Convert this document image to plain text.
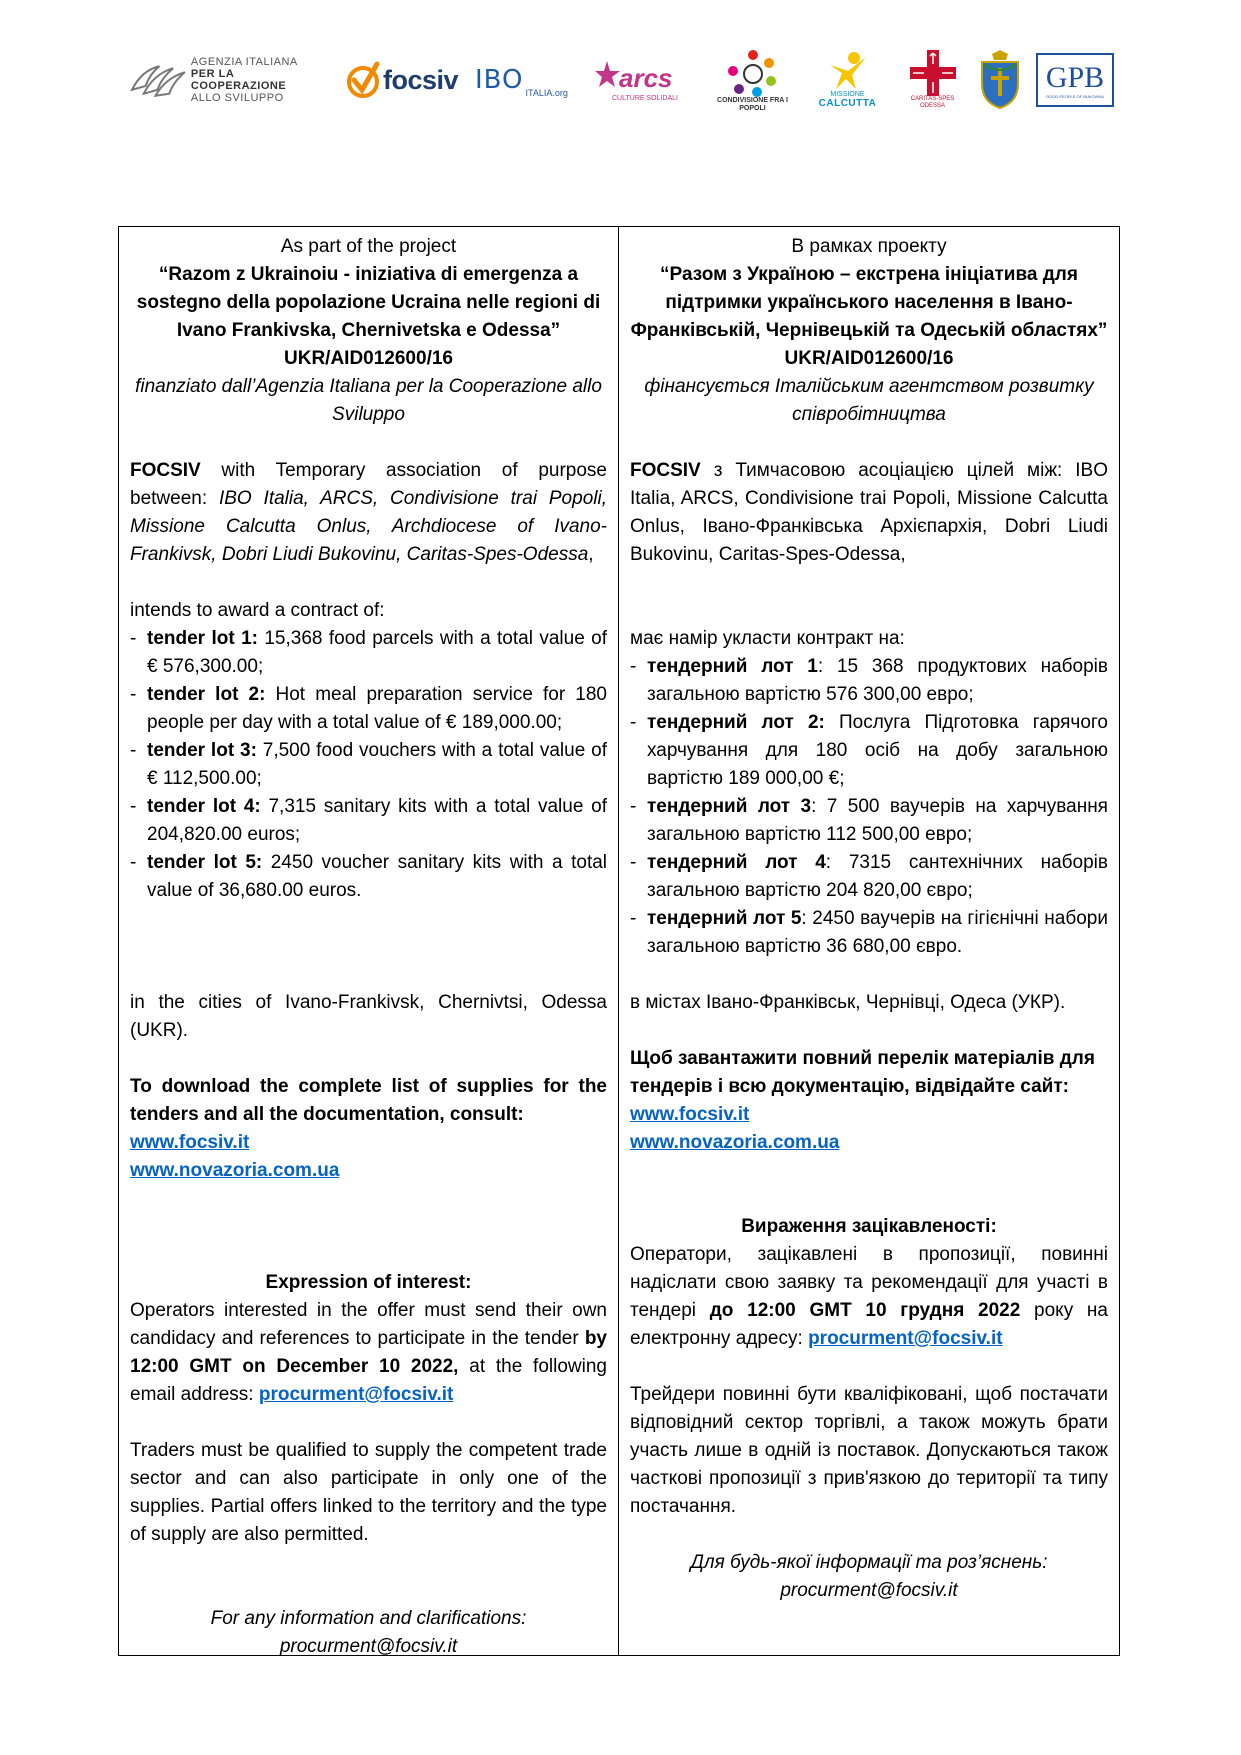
AGENZIA ITALIANA
PER LA COOPERAZIONE
ALLO SVILUPPO
focsiv IBO ITALIA.org
arcs
CULTURE SOLIDALI	CONDIVISIONE FRA I POPOLI
MISSIONE
CALCUTTA	CARITAS-SPES ODESSA
GPB
GOOD PEOPLE OF BUKOVINA

As part of the project

“Razom z Ukrainoiu - iniziativa di emergenza a sostegno della popolazione Ucraina nelle regioni di Ivano Frankivska, Chernivetska e Odessa” UKR/AID012600/16

finanziato dall’Agenzia Italiana per la Cooperazione allo Sviluppo

FOCSIV with Temporary association of purpose between: IBO Italia, ARCS, Condivisione trai Popoli, Missione Calcutta Onlus, Archdiocese of Ivano-Frankivsk, Dobri Liudi Bukovinu, Caritas-Spes-Odessa,

intends to award a contract of:

- tender lot 1: 15,368 food parcels with a total value of € 576,300.00;
- tender lot 2: Hot meal preparation service for 180 people per day with a total value of € 189,000.00;
- tender lot 3: 7,500 food vouchers with a total value of € 112,500.00;
- tender lot 4: 7,315 sanitary kits with a total value of 204,820.00 euros;
- tender lot 5: 2450 voucher sanitary kits with a total value of 36,680.00 euros.

in the cities of Ivano-Frankivsk, Chernivtsi, Odessa (UKR).

To download the complete list of supplies for the tenders and all the documentation, consult:

www.focsiv.it
www.novazoria.com.ua

Expression of interest:

Operators interested in the offer must send their own candidacy and references to participate in the tender by 12:00 GMT on December 10 2022, at the following email address: procurment@focsiv.it

Traders must be qualified to supply the competent trade sector and can also participate in only one of the supplies. Partial offers linked to the territory and the type of supply are also permitted.

For any information and clarifications:

procurment@focsiv.it

В рамках проекту

“Разом з Україною – екстрена ініціатива для підтримки українського населення в Івано-Франківській, Чернівецькій та Одеській областях” UKR/AID012600/16

фінансується Італійським агентством розвитку співробітництва

FOCSIV з Тимчасовою асоціацією цілей між: IBO Italia, ARCS, Condivisione trai Popoli, Missione Calcutta Onlus, Івано-Франківська Архієпархія, Dobri Liudi Bukovinu, Caritas-Spes-Odessa,

має намір укласти контракт на:

- тендерний лот 1: 15 368 продуктових наборів загальною вартістю 576 300,00 евро;
- тендерний лот 2: Послуга Підготовка гарячого харчування для 180 осіб на добу загальною вартістю 189 000,00 €;
- тендерний лот 3: 7 500 ваучерів на харчування загальною вартістю 112 500,00 евро;
- тендерний лот 4: 7315 сантехнічних наборів загальною вартістю 204 820,00 євро;
- тендерний лот 5: 2450 ваучерів на гігієнічні набори загальною вартістю 36 680,00 євро.

в містах Івано-Франківськ, Чернівці, Одеса (УКР).

Щоб завантажити повний перелік матеріалів для тендерів і всю документацію, відвідайте сайт:

www.focsiv.it
www.novazoria.com.ua

Вираження зацікавленості:

Оператори, зацікавлені в пропозиції, повинні надіслати свою заявку та рекомендації для участі в тендері до 12:00 GMT 10 грудня 2022 року на електронну адресу: procurment@focsiv.it

Трейдери повинні бути кваліфіковані, щоб постачати відповідний сектор торгівлі, а також можуть брати участь лише в одній із поставок. Допускаються також часткові пропозиції з прив'язкою до території та типу постачання.

Для будь-якої інформації та роз’яснень:

procurment@focsiv.it
